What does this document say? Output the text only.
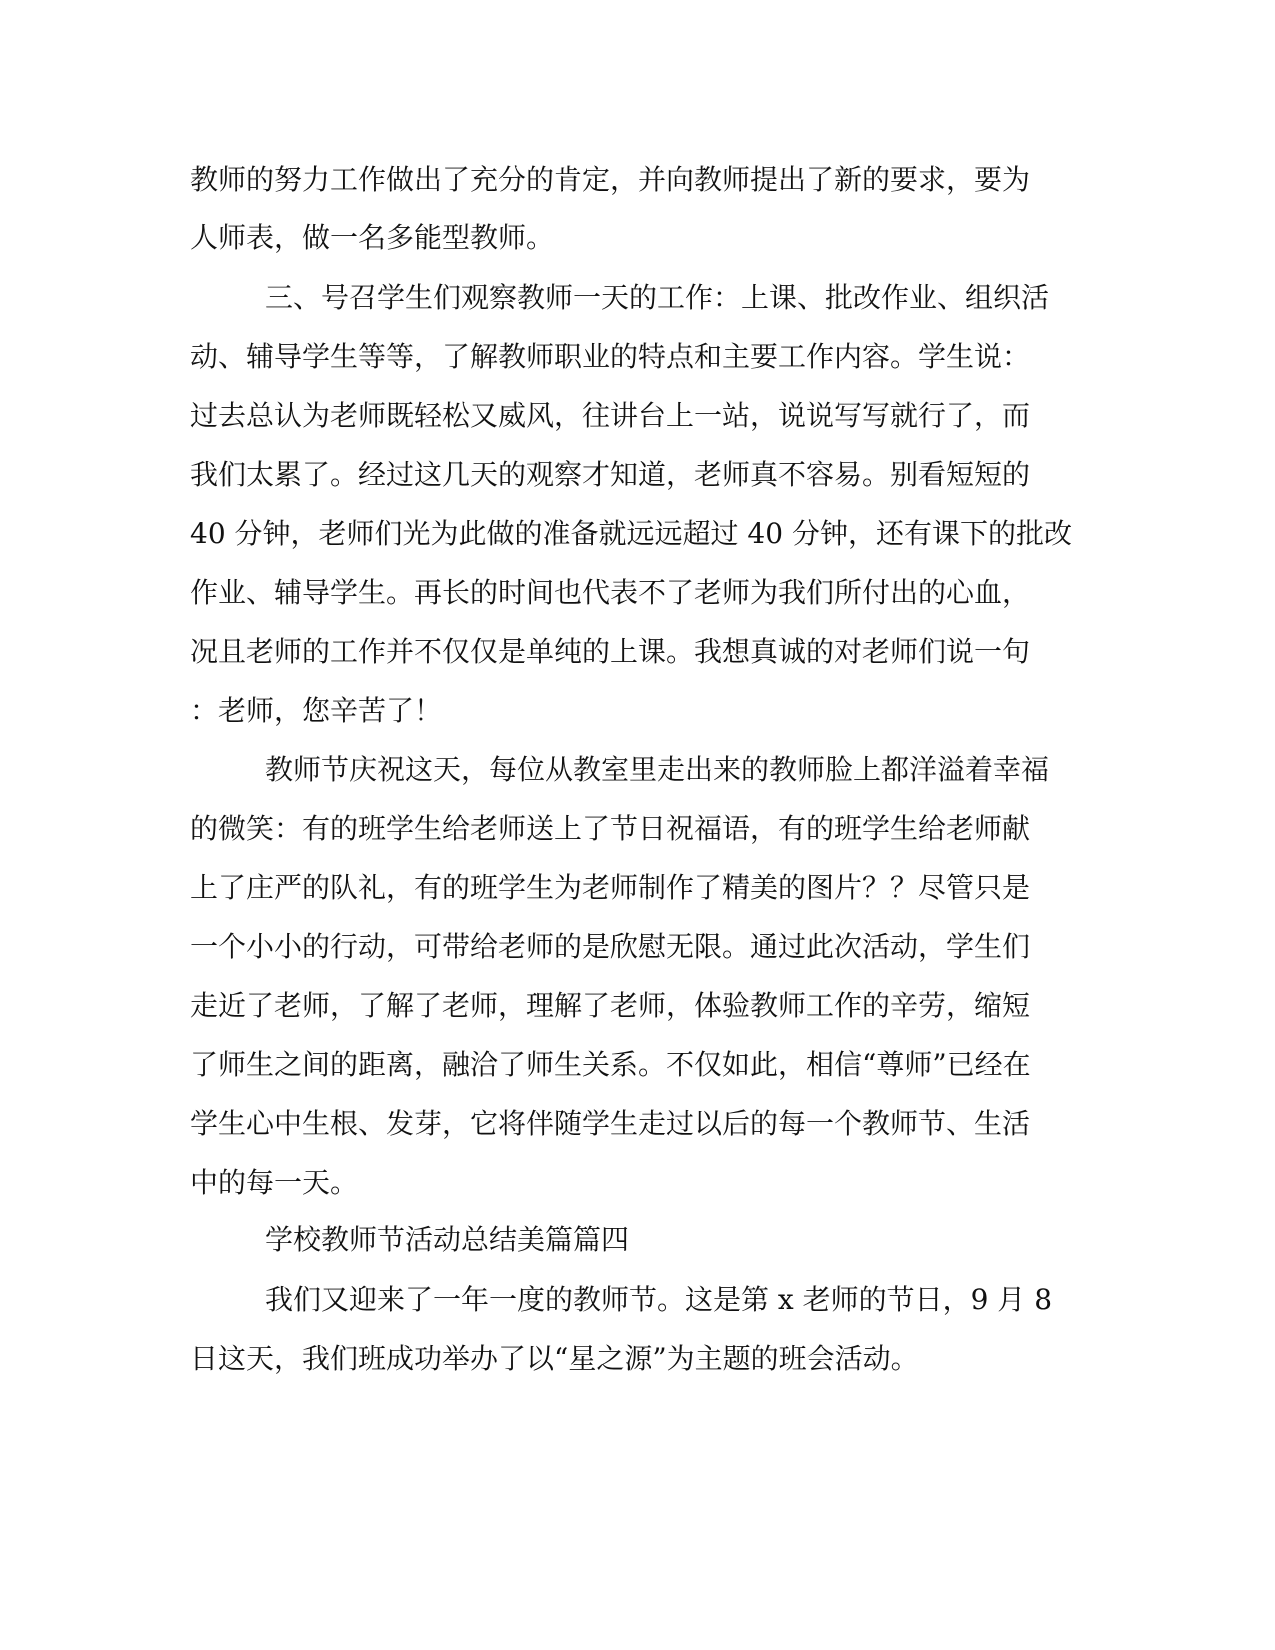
教师的努力工作做出了充分的肯定，并向教师提出了新的要求，要为
人师表，做一名多能型教师。
三、号召学生们观察教师一天的工作：上课、批改作业、组织活
动、辅导学生等等，了解教师职业的特点和主要工作内容。学生说：
过去总认为老师既轻松又威风，往讲台上一站，说说写写就行了，而
我们太累了。经过这几天的观察才知道，老师真不容易。别看短短的
40 分钟，老师们光为此做的准备就远远超过 40 分钟，还有课下的批改
作业、辅导学生。再长的时间也代表不了老师为我们所付出的心血，
况且老师的工作并不仅仅是单纯的上课。我想真诚的对老师们说一句
：老师，您辛苦了！
教师节庆祝这天，每位从教室里走出来的教师脸上都洋溢着幸福
的微笑：有的班学生给老师送上了节日祝福语，有的班学生给老师献
上了庄严的队礼，有的班学生为老师制作了精美的图片？？尽管只是
一个小小的行动，可带给老师的是欣慰无限。通过此次活动，学生们
走近了老师，了解了老师，理解了老师，体验教师工作的辛劳，缩短
了师生之间的距离，融洽了师生关系。不仅如此，相信“尊师”已经在
学生心中生根、发芽，它将伴随学生走过以后的每一个教师节、生活
中的每一天。
学校教师节活动总结美篇篇四
我们又迎来了一年一度的教师节。这是第 x 老师的节日，9 月 8
日这天，我们班成功举办了以“星之源”为主题的班会活动。
